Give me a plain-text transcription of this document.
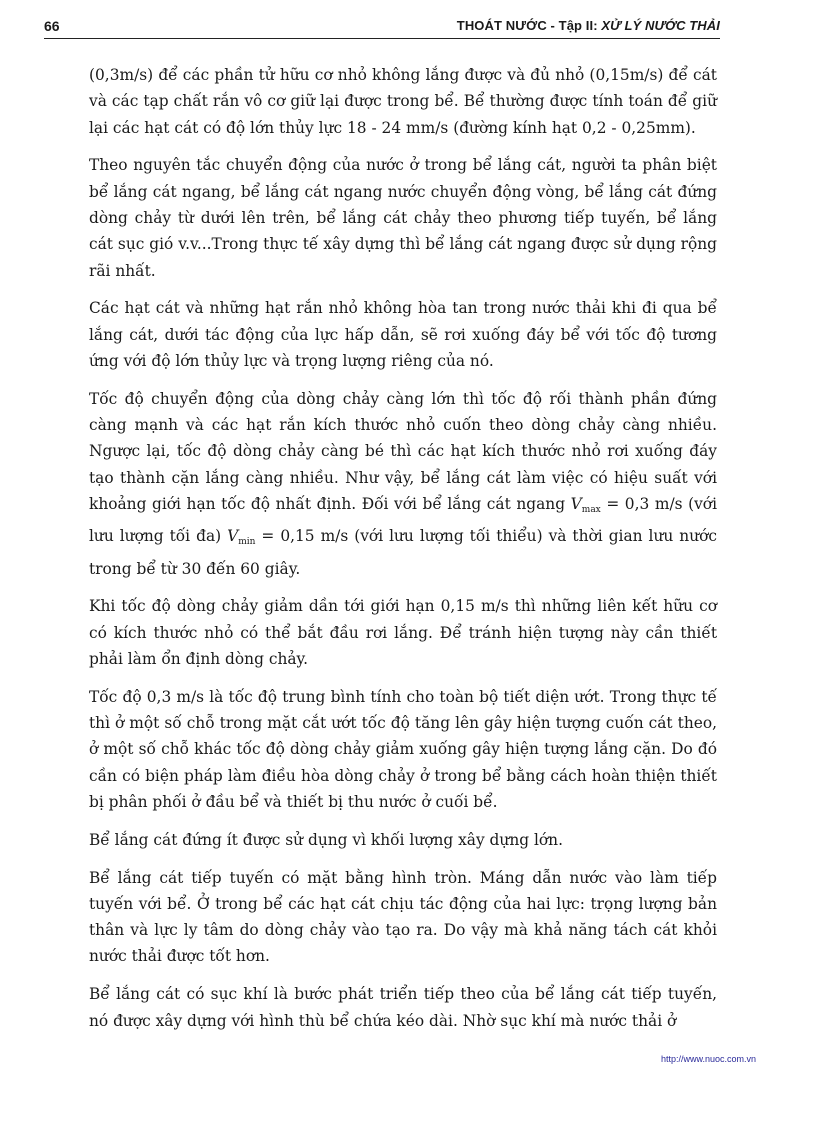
66	THOÁT NƯỚC - Tập II: XỬ LÝ NƯỚC THẢI

(0,3m/s) để các phần tử hữu cơ nhỏ không lắng được và đủ nhỏ (0,15m/s) để cát và các tạp chất rắn vô cơ giữ lại được trong bể. Bể thường được tính toán để giữ lại các hạt cát có độ lớn thủy lực 18 - 24 mm/s (đường kính hạt 0,2 - 0,25mm).

Theo nguyên tắc chuyển động của nước ở trong bể lắng cát, người ta phân biệt bể lắng cát ngang, bể lắng cát ngang nước chuyển động vòng, bể lắng cát đứng dòng chảy từ dưới lên trên, bể lắng cát chảy theo phương tiếp tuyến, bể lắng cát sục gió v.v...Trong thực tế xây dựng thì bể lắng cát ngang được sử dụng rộng rãi nhất.

Các hạt cát và những hạt rắn nhỏ không hòa tan trong nước thải khi đi qua bể lắng cát, dưới tác động của lực hấp dẫn, sẽ rơi xuống đáy bể với tốc độ tương ứng với độ lớn thủy lực và trọng lượng riêng của nó.

Tốc độ chuyển động của dòng chảy càng lớn thì tốc độ rối thành phần đứng càng mạnh và các hạt rắn kích thước nhỏ cuốn theo dòng chảy càng nhiều. Ngược lại, tốc độ dòng chảy càng bé thì các hạt kích thước nhỏ rơi xuống đáy tạo thành cặn lắng càng nhiều. Như vậy, bể lắng cát làm việc có hiệu suất với khoảng giới hạn tốc độ nhất định. Đối với bể lắng cát ngang $V_{max} = 0,3$ m/s (với lưu lượng tối đa) $V_{min} = 0,15$ m/s (với lưu lượng tối thiểu) và thời gian lưu nước trong bể từ 30 đến 60 giây.

Khi tốc độ dòng chảy giảm dần tới giới hạn 0,15 m/s thì những liên kết hữu cơ có kích thước nhỏ có thể bắt đầu rơi lắng. Để tránh hiện tượng này cần thiết phải làm ổn định dòng chảy.

Tốc độ 0,3 m/s là tốc độ trung bình tính cho toàn bộ tiết diện ướt. Trong thực tế thì ở một số chỗ trong mặt cắt ướt tốc độ tăng lên gây hiện tượng cuốn cát theo, ở một số chỗ khác tốc độ dòng chảy giảm xuống gây hiện tượng lắng cặn. Do đó cần có biện pháp làm điều hòa dòng chảy ở trong bể bằng cách hoàn thiện thiết bị phân phối ở đầu bể và thiết bị thu nước ở cuối bể.

Bể lắng cát đứng ít được sử dụng vì khối lượng xây dựng lớn.

Bể lắng cát tiếp tuyến có mặt bằng hình tròn. Máng dẫn nước vào làm tiếp tuyến với bể. Ở trong bể các hạt cát chịu tác động của hai lực: trọng lượng bản thân và lực ly tâm do dòng chảy vào tạo ra. Do vậy mà khả năng tách cát khỏi nước thải được tốt hơn.

Bể lắng cát có sục khí là bước phát triển tiếp theo của bể lắng cát tiếp tuyến, nó được xây dựng với hình thù bể chứa kéo dài. Nhờ sục khí mà nước thải ở

http://www.nuoc.com.vn
